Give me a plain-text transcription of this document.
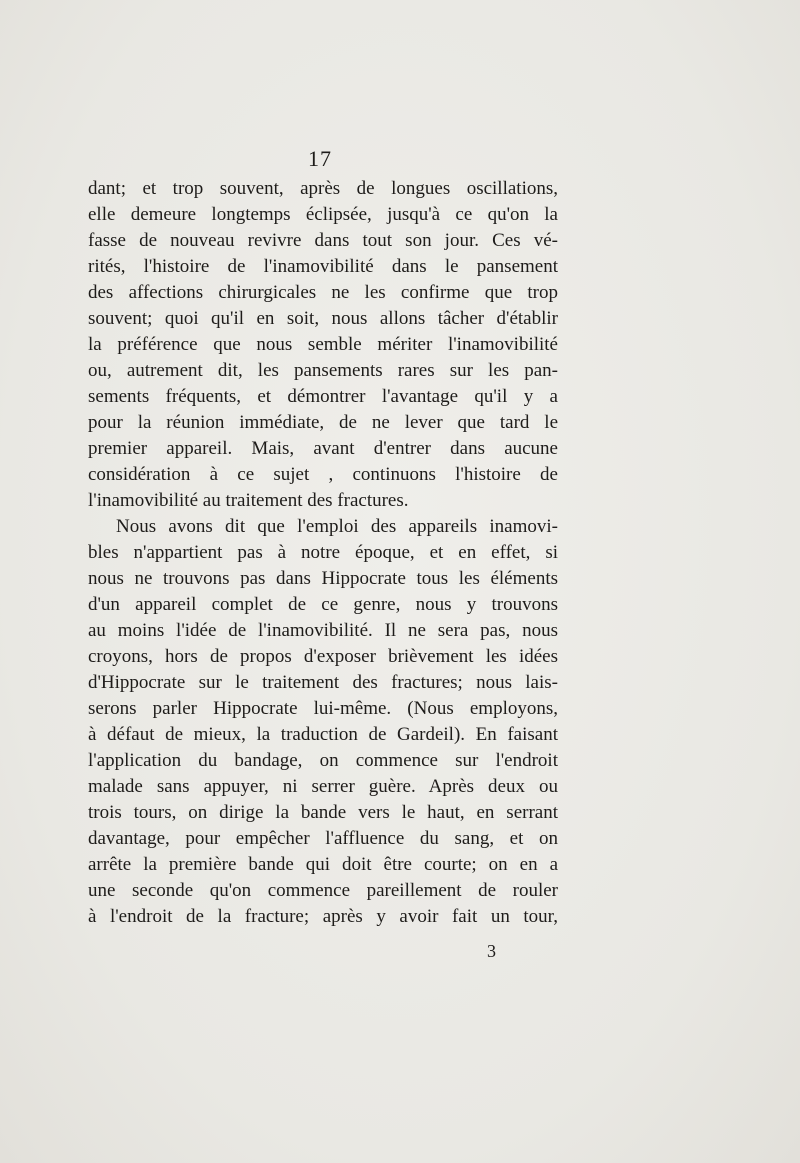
17
dant; et trop souvent, après de longues oscillations,
elle demeure longtemps éclipsée, jusqu'à ce qu'on la
fasse de nouveau revivre dans tout son jour. Ces vé-
rités, l'histoire de l'inamovibilité dans le pansement
des affections chirurgicales ne les confirme que trop
souvent; quoi qu'il en soit, nous allons tâcher d'établir
la préférence que nous semble mériter l'inamovibilité
ou, autrement dit, les pansements rares sur les pan-
sements fréquents, et démontrer l'avantage qu'il y a
pour la réunion immédiate, de ne lever que tard le
premier appareil. Mais, avant d'entrer dans aucune
considération à ce sujet , continuons l'histoire de
l'inamovibilité au traitement des fractures.
Nous avons dit que l'emploi des appareils inamovi-
bles n'appartient pas à notre époque, et en effet, si
nous ne trouvons pas dans Hippocrate tous les éléments
d'un appareil complet de ce genre, nous y trouvons
au moins l'idée de l'inamovibilité. Il ne sera pas, nous
croyons, hors de propos d'exposer brièvement les idées
d'Hippocrate sur le traitement des fractures; nous lais-
serons parler Hippocrate lui-même. (Nous employons,
à défaut de mieux, la traduction de Gardeil). En faisant
l'application du bandage, on commence sur l'endroit
malade sans appuyer, ni serrer guère. Après deux ou
trois tours, on dirige la bande vers le haut, en serrant
davantage, pour empêcher l'affluence du sang, et on
arrête la première bande qui doit être courte; on en a
une seconde qu'on commence pareillement de rouler
à l'endroit de la fracture; après y avoir fait un tour,
3
